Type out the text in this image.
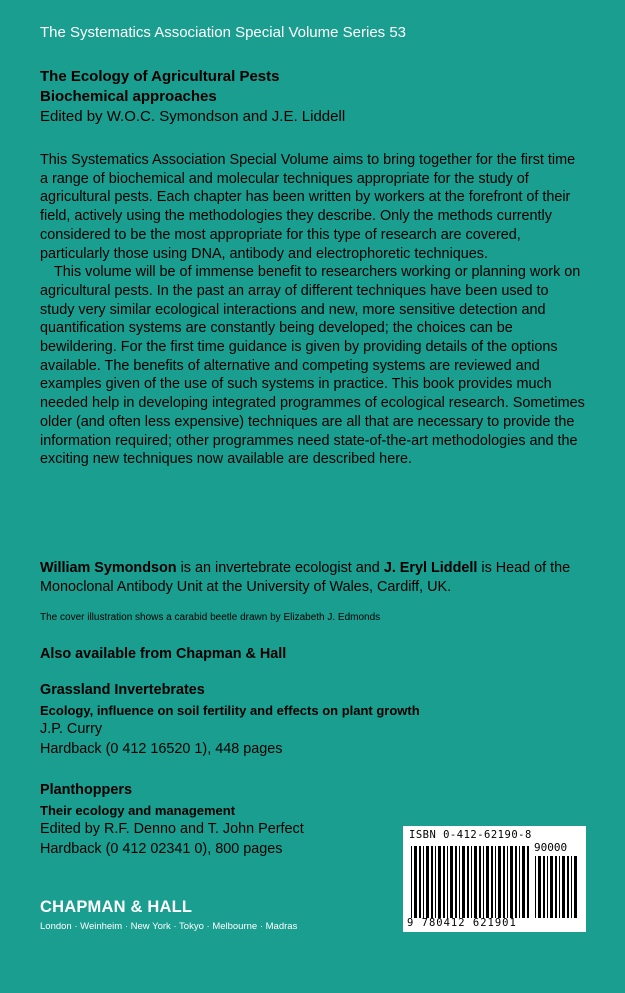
The Systematics Association Special Volume Series 53
The Ecology of Agricultural Pests
Biochemical approaches
Edited by W.O.C. Symondson and J.E. Liddell

This Systematics Association Special Volume aims to bring together for the first time a range of biochemical and molecular techniques appropriate for the study of agricultural pests. Each chapter has been written by workers at the forefront of their field, actively using the methodologies they describe. Only the methods currently considered to be the most appropriate for this type of research are covered, particularly those using DNA, antibody and electrophoretic techniques.

This volume will be of immense benefit to researchers working or planning work on agricultural pests. In the past an array of different techniques have been used to study very similar ecological interactions and new, more sensitive detection and quantification systems are constantly being developed; the choices can be bewildering. For the first time guidance is given by providing details of the options available. The benefits of alternative and competing systems are reviewed and examples given of the use of such systems in practice. This book provides much needed help in developing integrated programmes of ecological research. Sometimes older (and often less expensive) techniques are all that are necessary to provide the information required; other programmes need state-of-the-art methodologies and the exciting new techniques now available are described here.

William Symondson is an invertebrate ecologist and J. Eryl Liddell is Head of the Monoclonal Antibody Unit at the University of Wales, Cardiff, UK.
The cover illustration shows a carabid beetle drawn by Elizabeth J. Edmonds
Also available from Chapman & Hall
Grassland Invertebrates
Ecology, influence on soil fertility and effects on plant growth
J.P. Curry
Hardback (0 412 16520 1), 448 pages
Planthoppers
Their ecology and management
Edited by R.F. Denno and T. John Perfect
Hardback (0 412 02341 0), 800 pages
CHAPMAN & HALL
London · Weinheim · New York · Tokyo · Melbourne · Madras
ISBN 0-412-62190-8
90000
9 780412 621901
